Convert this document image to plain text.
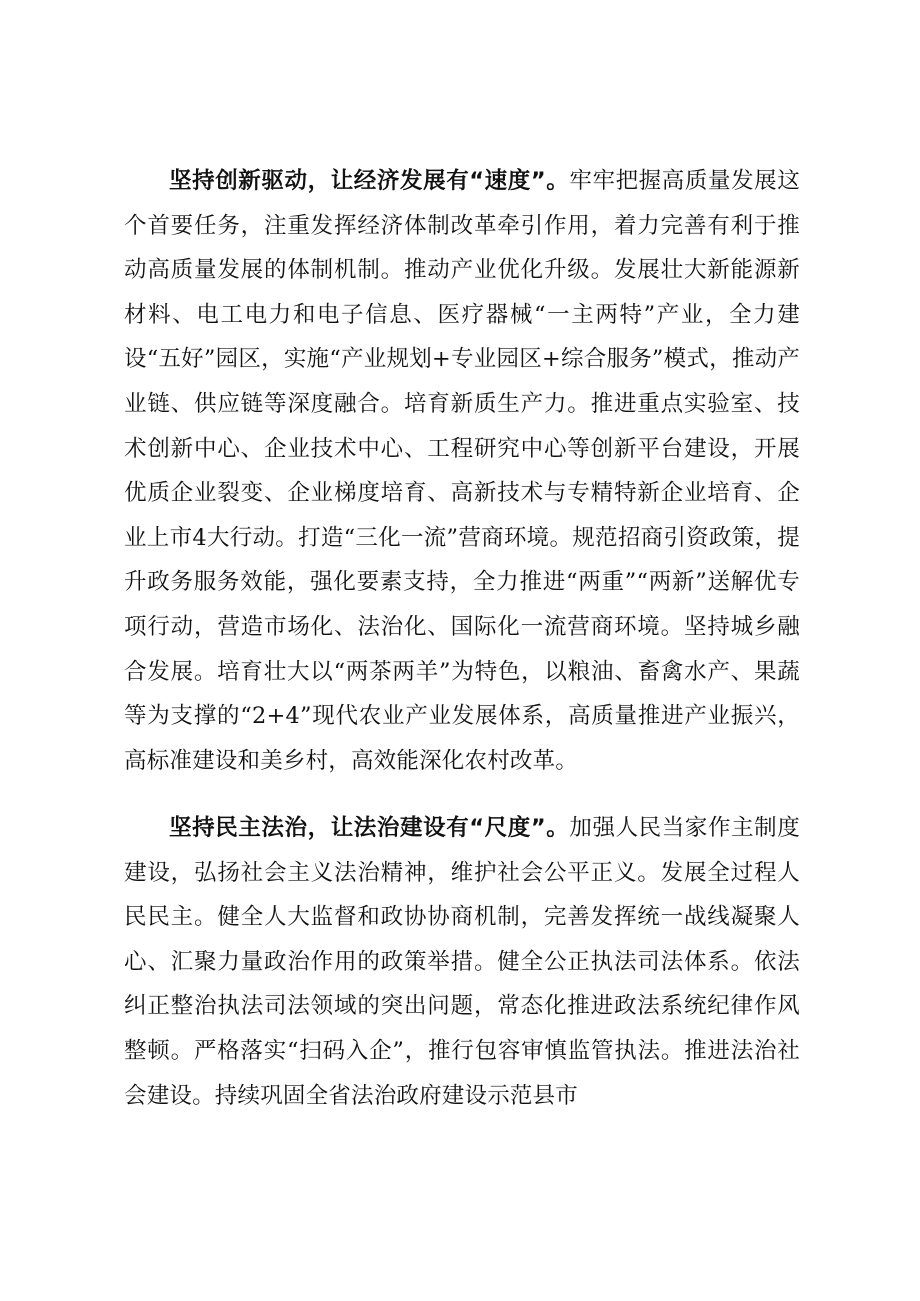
坚持创新驱动，让经济发展有“速度”。牢牢把握高质量发展这个首要任务，注重发挥经济体制改革牵引作用，着力完善有利于推动高质量发展的体制机制。推动产业优化升级。发展壮大新能源新材料、电工电力和电子信息、医疗器械“一主两特”产业，全力建设“五好”园区，实施“产业规划+专业园区+综合服务”模式，推动产业链、供应链等深度融合。培育新质生产力。推进重点实验室、技术创新中心、企业技术中心、工程研究中心等创新平台建设，开展优质企业裂变、企业梯度培育、高新技术与专精特新企业培育、企业上市4大行动。打造“三化一流”营商环境。规范招商引资政策，提升政务服务效能，强化要素支持，全力推进“两重”“两新”送解优专项行动，营造市场化、法治化、国际化一流营商环境。坚持城乡融合发展。培育壮大以“两茶两羊”为特色，以粮油、畜禽水产、果蔬等为支撑的“2+4”现代农业产业发展体系，高质量推进产业振兴，高标准建设和美乡村，高效能深化农村改革。

坚持民主法治，让法治建设有“尺度”。加强人民当家作主制度建设，弘扬社会主义法治精神，维护社会公平正义。发展全过程人民民主。健全人大监督和政协协商机制，完善发挥统一战线凝聚人心、汇聚力量政治作用的政策举措。健全公正执法司法体系。依法纠正整治执法司法领域的突出问题，常态化推进政法系统纪律作风整顿。严格落实“扫码入企”，推行包容审慎监管执法。推进法治社会建设。持续巩固全省法治政府建设示范县市
